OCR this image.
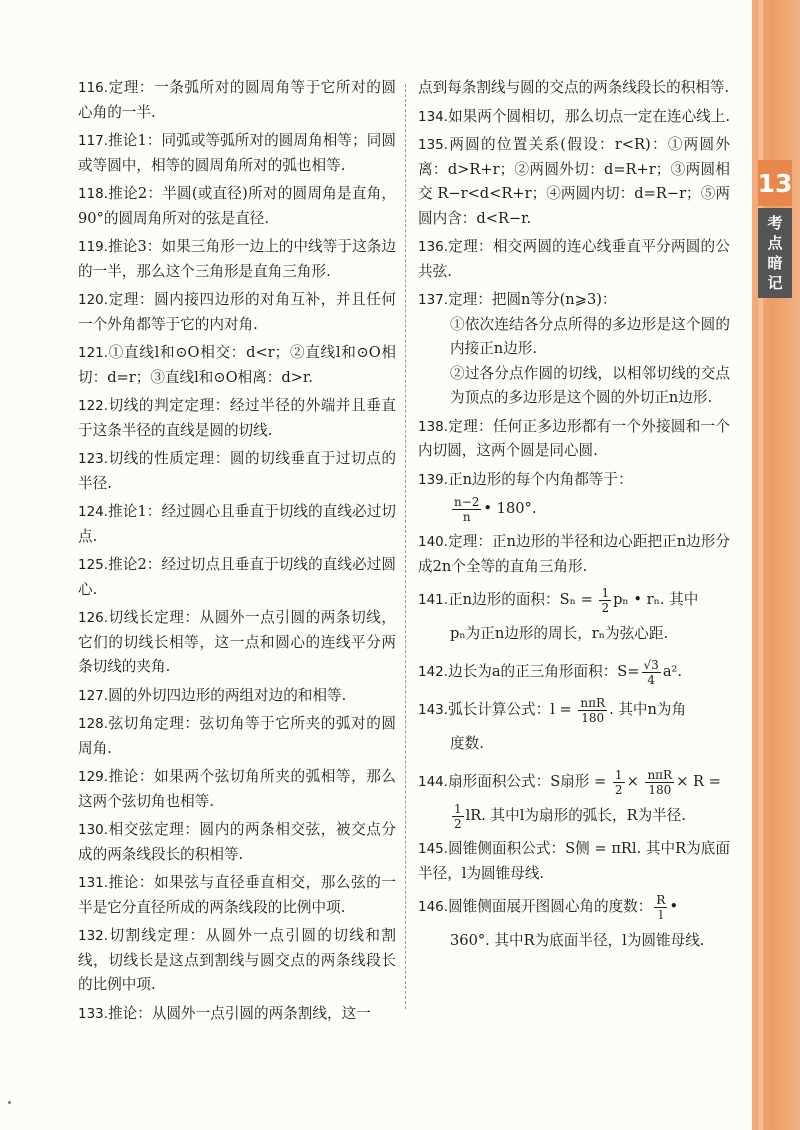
13
考
点
暗
记
116.定理：一条弧所对的圆周角等于它所对的圆心角的一半.
117.推论1：同弧或等弧所对的圆周角相等；同圆或等圆中，相等的圆周角所对的弧也相等.
118.推论2：半圆(或直径)所对的圆周角是直角，90°的圆周角所对的弦是直径.
119.推论3：如果三角形一边上的中线等于这条边的一半，那么这个三角形是直角三角形.
120.定理：圆内接四边形的对角互补，并且任何一个外角都等于它的内对角.
121.①直线l和⊙O相交：d<r；②直线l和⊙O相切：d=r；③直线l和⊙O相离：d>r.
122.切线的判定定理：经过半径的外端并且垂直于这条半径的直线是圆的切线.
123.切线的性质定理：圆的切线垂直于过切点的半径.
124.推论1：经过圆心且垂直于切线的直线必过切点.
125.推论2：经过切点且垂直于切线的直线必过圆心.
126.切线长定理：从圆外一点引圆的两条切线，它们的切线长相等，这一点和圆心的连线平分两条切线的夹角.
127.圆的外切四边形的两组对边的和相等.
128.弦切角定理：弦切角等于它所夹的弧对的圆周角.
129.推论：如果两个弦切角所夹的弧相等，那么这两个弦切角也相等.
130.相交弦定理：圆内的两条相交弦，被交点分成的两条线段长的积相等.
131.推论：如果弦与直径垂直相交，那么弦的一半是它分直径所成的两条线段的比例中项.
132.切割线定理：从圆外一点引圆的切线和割线，切线长是这点到割线与圆交点的两条线段长的比例中项.
133.推论：从圆外一点引圆的两条割线，这一
点到每条割线与圆的交点的两条线段长的积相等.
134.如果两个圆相切，那么切点一定在连心线上.
135.两圆的位置关系(假设：r<R)：①两圆外离：d>R+r；②两圆外切：d=R+r；③两圆相交 R−r<d<R+r；④两圆内切：d=R−r；⑤两圆内含：d<R−r.
136.定理：相交两圆的连心线垂直平分两圆的公共弦.
137.定理：把圆n等分(n⩾3)：
①依次连结各分点所得的多边形是这个圆的内接正n边形.
②过各分点作圆的切线，以相邻切线的交点为顶点的多边形是这个圆的外切正n边形.
138.定理：任何正多边形都有一个外接圆和一个内切圆，这两个圆是同心圆.
139.正n边形的每个内角都等于：
$\frac{n-2}{n}$ • 180°.
140.定理：正n边形的半径和边心距把正n边形分成2n个全等的直角三角形.
141.正n边形的面积：$S_n = \frac{1}{2}$ pₙ • rₙ. 其中
pₙ为正n边形的周长，rₙ为弦心距.
142.边长为a的正三角形面积：$S= \frac{√3}{4} a^2$.
143.弧长计算公式：$l = \frac{\text{nπR}}{180}$ . 其中n为角
度数.
144.扇形面积公式：S扇形 = $\frac{1}{2} \times \frac{\text{nπR}}{180} \times R$ =
$\frac{1}{2}$ lR. 其中l为扇形的弧长，R为半径.
145.圆锥侧面积公式：S侧 = πRl. 其中R为底面半径，l为圆锥母线.
146.圆锥侧面展开图圆心角的度数： $\frac{R}{l}$ •
360°. 其中R为底面半径，l为圆锥母线.
